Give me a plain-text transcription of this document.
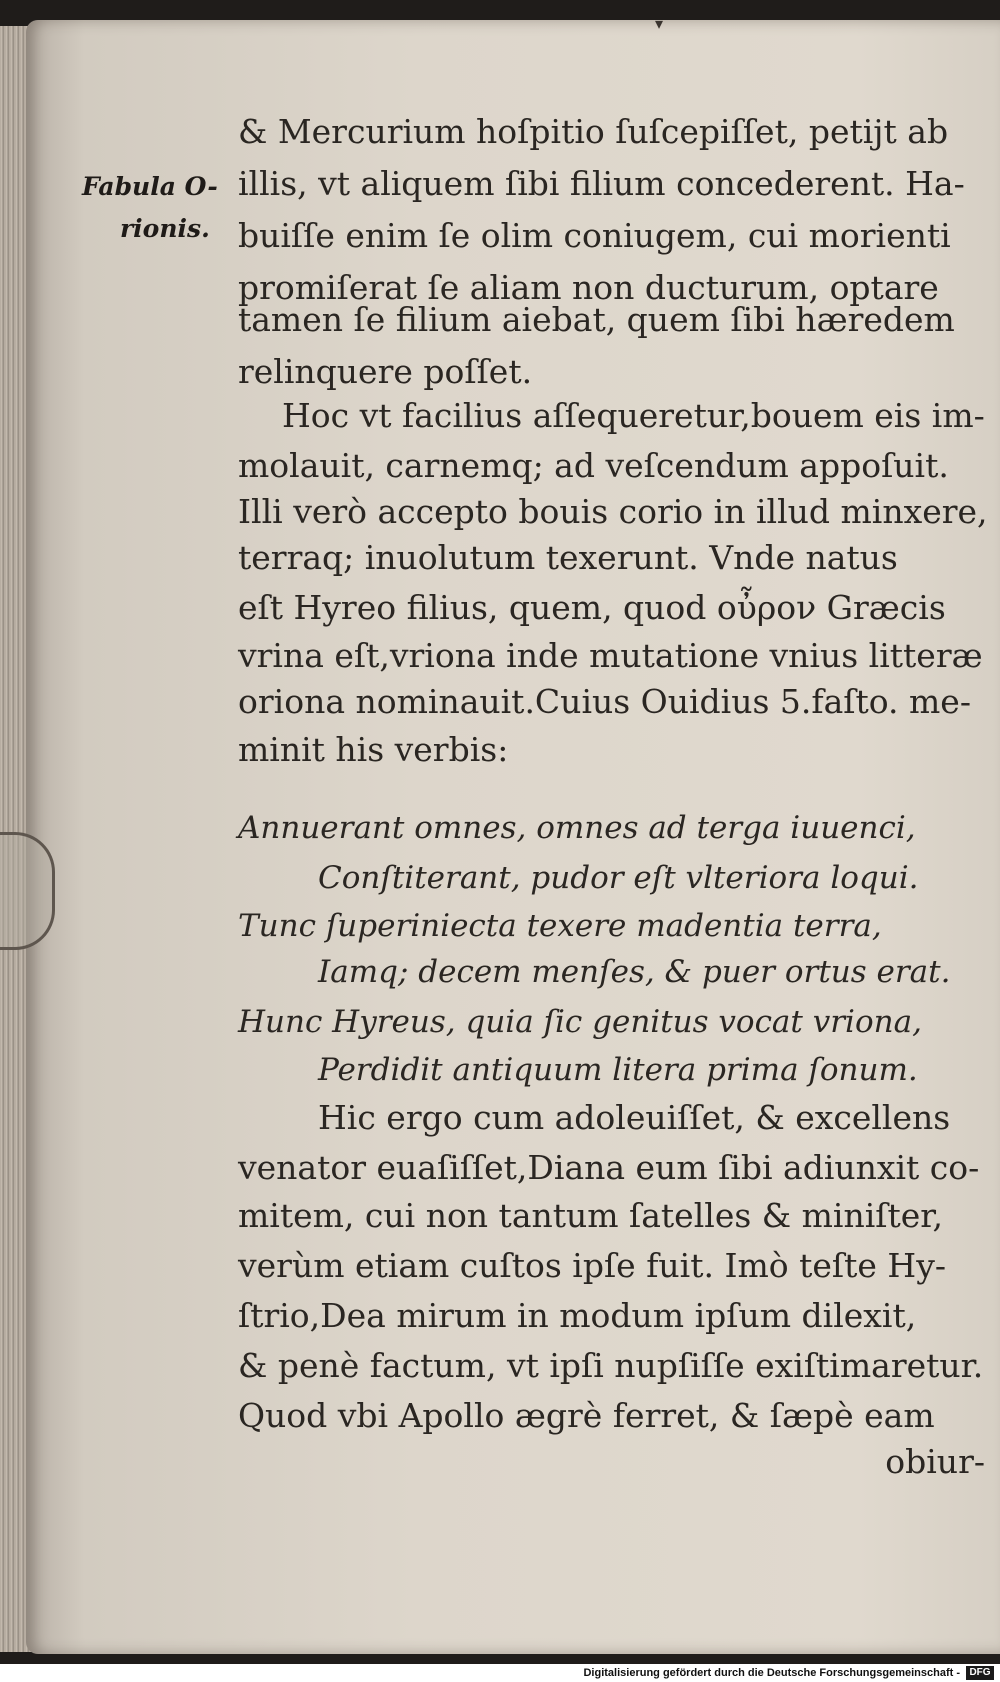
▾
Fabula O-
rionis.
& Mercurium hoſpitio ſuſcepiſſet, petijt ab
illis, vt aliquem ſibi filium concederent. Ha-
buiſſe enim ſe olim coniugem, cui morienti
promiſerat ſe aliam non ducturum, optare
tamen ſe filium aiebat, quem ſibi hæredem
relinquere poſſet.
Hoc vt facilius aſſequeretur,bouem eis im-
molauit, carnemq; ad veſcendum appoſuit.
Illi verò accepto bouis corio in illud minxere,
terraq; inuolutum texerunt. Vnde natus
eſt Hyreo filius, quem, quod οὖρον Græcis
vrina eſt,vriona inde mutatione vnius litteræ
oriona nominauit.Cuius Ouidius 5.faſto. me-
minit his verbis:
Annuerant omnes, omnes ad terga iuuenci,
Conſtiterant, pudor eſt vlteriora loqui.
Tunc ſuperiniecta texere madentia terra,
Iamq; decem menſes, & puer ortus erat.
Hunc Hyreus, quia ſic genitus vocat vriona,
Perdidit antiquum litera prima ſonum.
Hic ergo cum adoleuiſſet, & excellens
venator euaſiſſet,Diana eum ſibi adiunxit co-
mitem, cui non tantum ſatelles & miniſter,
verùm etiam cuſtos ipſe fuit. Imò teſte Hy-
ſtrio,Dea mirum in modum ipſum dilexit,
& penè factum, vt ipſi nupſiſſe exiſtimaretur.
Quod vbi Apollo ægrè ferret, & ſæpè eam
obiur-
Digitalisierung gefördert durch die Deutsche Forschungsgemeinschaft - DFG
